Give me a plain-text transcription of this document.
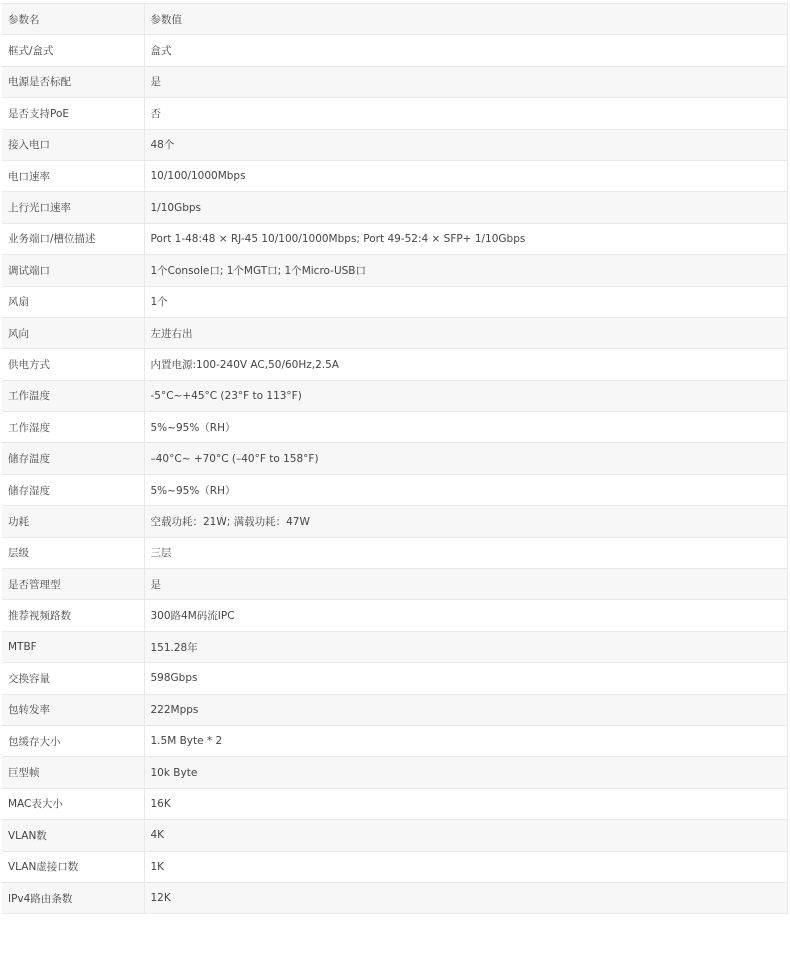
参数名	参数值
框式/盒式	盒式
电源是否标配	是
是否支持PoE	否
接入电口	48个
电口速率	10/100/1000Mbps
上行光口速率	1/10Gbps
业务端口/槽位描述	Port 1-48:48 × RJ-45 10/100/1000Mbps; Port 49-52:4 × SFP+ 1/10Gbps
调试端口	1个Console口; 1个MGT口; 1个Micro-USB口
风扇	1个
风向	左进右出
供电方式	内置电源:100-240V AC,50/60Hz,2.5A
工作温度	-5°C~+45°C (23°F to 113°F)
工作湿度	5%~95%（RH）
储存温度	–40°C~ +70°C (–40°F to 158°F)
储存湿度	5%~95%（RH）
功耗	空载功耗：21W; 满载功耗：47W
层级	三层
是否管理型	是
推荐视频路数	300路4M码流IPC
MTBF	151.28年
交换容量	598Gbps
包转发率	222Mpps
包缓存大小	1.5M Byte * 2
巨型帧	10k Byte
MAC表大小	16K
VLAN数	4K
VLAN虚接口数	1K
IPv4路由条数	12K
